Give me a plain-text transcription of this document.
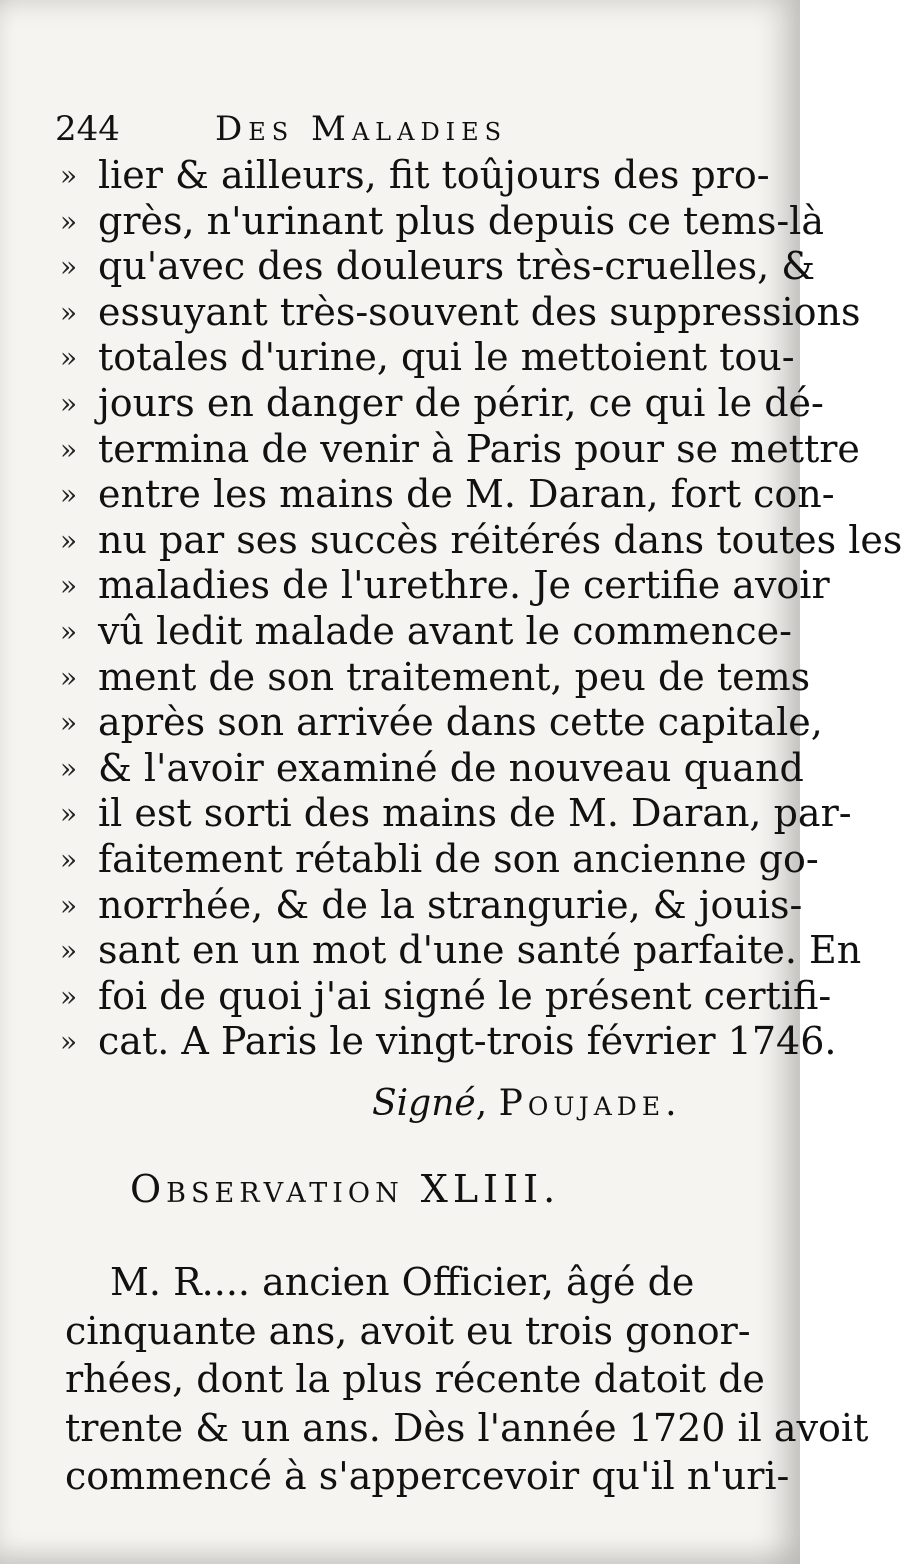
244	Des Maladies
» lier & ailleurs, fit toûjours des pro-
» grès, n'urinant plus depuis ce tems-là
» qu'avec des douleurs très-cruelles, &
» essuyant très-souvent des suppressions
» totales d'urine, qui le mettoient tou-
» jours en danger de périr, ce qui le dé-
» termina de venir à Paris pour se mettre
» entre les mains de M. Daran, fort con-
» nu par ses succès réitérés dans toutes les
» maladies de l'urethre. Je certifie avoir
» vû ledit malade avant le commence-
» ment de son traitement, peu de tems
» après son arrivée dans cette capitale,
» & l'avoir examiné de nouveau quand
» il est sorti des mains de M. Daran, par-
» faitement rétabli de son ancienne go-
» norrhée, & de la strangurie, & jouis-
» sant en un mot d'une santé parfaite. En
» foi de quoi j'ai signé le présent certifi-
» cat. A Paris le vingt-trois février 1746.
Signé, Poujade.
Observation XLIII.
M. R.... ancien Officier, âgé de
cinquante ans, avoit eu trois gonor-
rhées, dont la plus récente datoit de
trente & un ans. Dès l'année 1720 il avoit
commencé à s'appercevoir qu'il n'uri-
